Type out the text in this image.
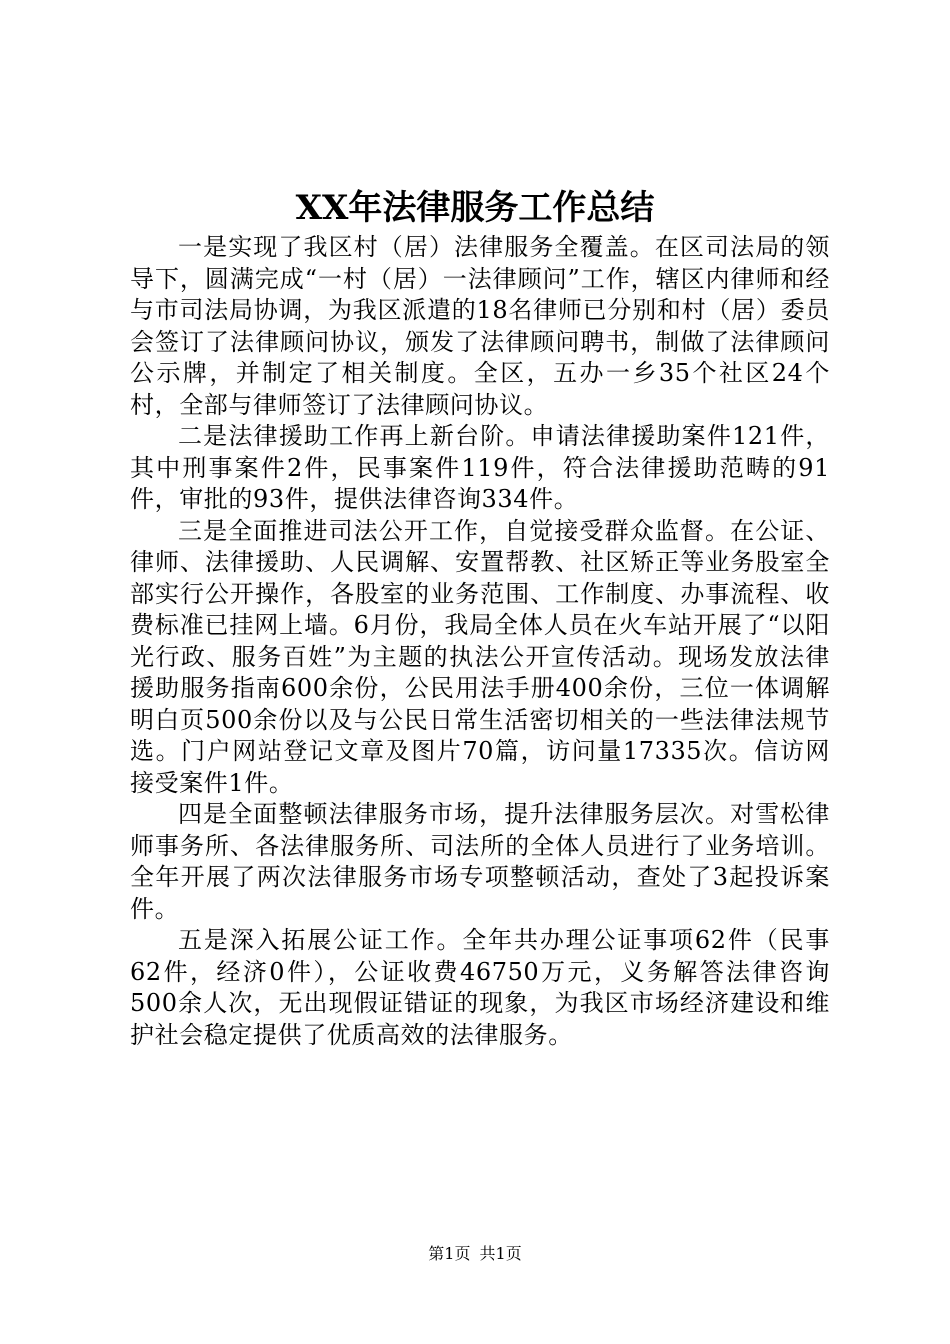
XX年法律服务工作总结

一是实现了我区村（居）法律服务全覆盖。在区司法局的领导下，圆满完成“一村（居）一法律顾问”工作，辖区内律师和经与市司法局协调，为我区派遣的18名律师已分别和村（居）委员会签订了法律顾问协议，颁发了法律顾问聘书，制做了法律顾问公示牌，并制定了相关制度。全区，五办一乡35个社区24个村，全部与律师签订了法律顾问协议。

二是法律援助工作再上新台阶。申请法律援助案件121件，其中刑事案件2件，民事案件119件，符合法律援助范畴的91件，审批的93件，提供法律咨询334件。

三是全面推进司法公开工作，自觉接受群众监督。在公证、律师、法律援助、人民调解、安置帮教、社区矫正等业务股室全部实行公开操作，各股室的业务范围、工作制度、办事流程、收费标准已挂网上墙。6月份，我局全体人员在火车站开展了“以阳光行政、服务百姓”为主题的执法公开宣传活动。现场发放法律援助服务指南600余份，公民用法手册400余份，三位一体调解明白页500余份以及与公民日常生活密切相关的一些法律法规节选。门户网站登记文章及图片70篇，访问量17335次。信访网接受案件1件。

四是全面整顿法律服务市场，提升法律服务层次。对雪松律师事务所、各法律服务所、司法所的全体人员进行了业务培训。全年开展了两次法律服务市场专项整顿活动，查处了3起投诉案件。

五是深入拓展公证工作。全年共办理公证事项62件（民事62件，经济0件），公证收费46750万元，义务解答法律咨询500余人次，无出现假证错证的现象，为我区市场经济建设和维护社会稳定提供了优质高效的法律服务。

第1页 共1页
